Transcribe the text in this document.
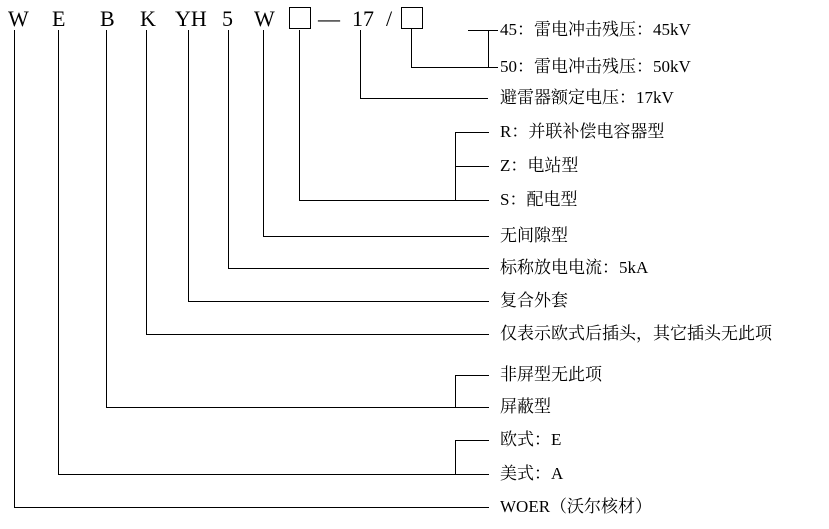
W E B K YH 5 W — 17 /	45：雷电冲击残压：45kV
50：雷电冲击残压：50kV
避雷器额定电压：17kV
R：并联补偿电容器型
Z：电站型
S：配电型
无间隙型
标称放电电流：5kA
复合外套
仅表示欧式后插头，其它插头无此项
非屏型无此项
屏蔽型
欧式：E
美式：A
WOER（沃尔核材）
